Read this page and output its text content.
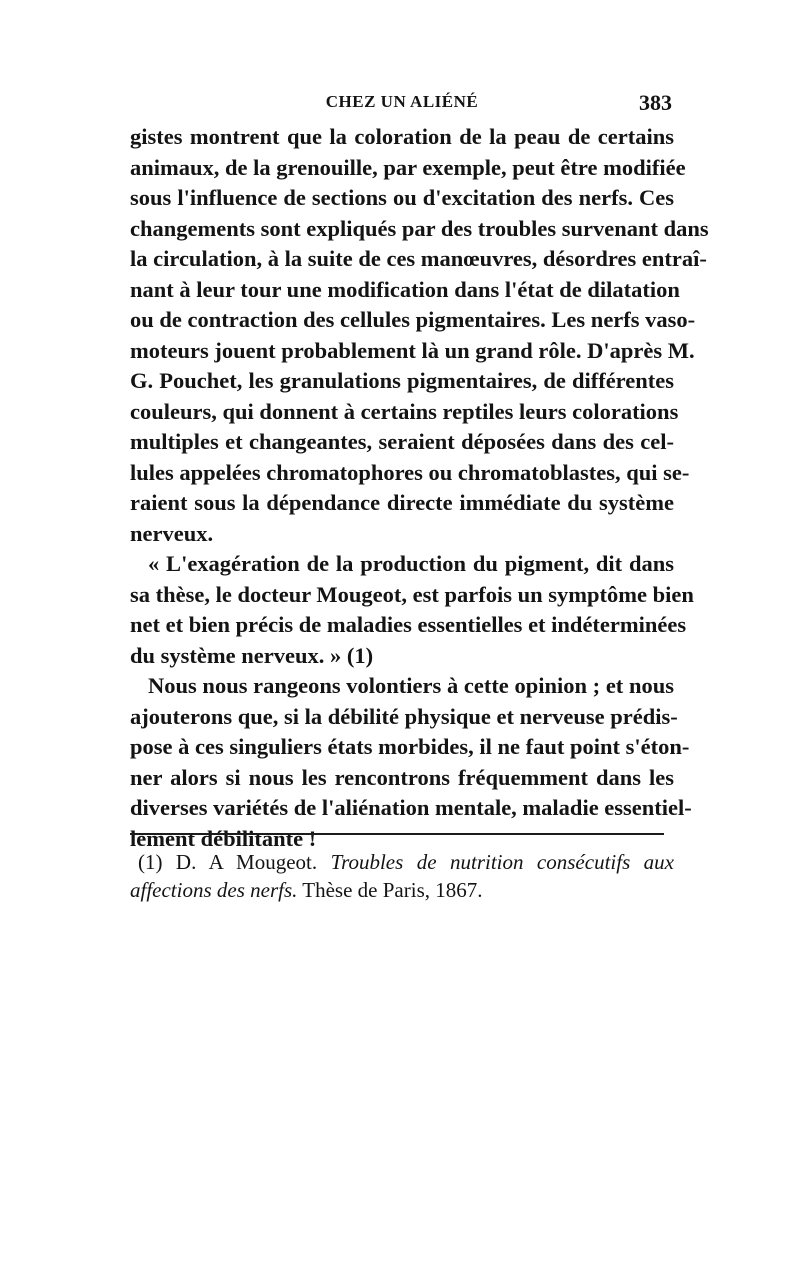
CHEZ UN ALIÉNÉ	383
gistes montrent que la coloration de la peau de certains
animaux, de la grenouille, par exemple, peut être modifiée
sous l'influence de sections ou d'excitation des nerfs. Ces
changements sont expliqués par des troubles survenant dans
la circulation, à la suite de ces manœuvres, désordres entraî-
nant à leur tour une modification dans l'état de dilatation
ou de contraction des cellules pigmentaires. Les nerfs vaso-
moteurs jouent probablement là un grand rôle. D'après M.
G. Pouchet, les granulations pigmentaires, de différentes
couleurs, qui donnent à certains reptiles leurs colorations
multiples et changeantes, seraient déposées dans des cel-
lules appelées chromatophores ou chromatoblastes, qui se-
raient sous la dépendance directe immédiate du système
nerveux.
« L'exagération de la production du pigment, dit dans
sa thèse, le docteur Mougeot, est parfois un symptôme bien
net et bien précis de maladies essentielles et indéterminées
du système nerveux. » (1)
Nous nous rangeons volontiers à cette opinion ; et nous
ajouterons que, si la débilité physique et nerveuse prédis-
pose à ces singuliers états morbides, il ne faut point s'éton-
ner alors si nous les rencontrons fréquemment dans les
diverses variétés de l'aliénation mentale, maladie essentiel-
lement débilitante !
(1) D. A Mougeot. Troubles de nutrition consécutifs aux
affections des nerfs. Thèse de Paris, 1867.
